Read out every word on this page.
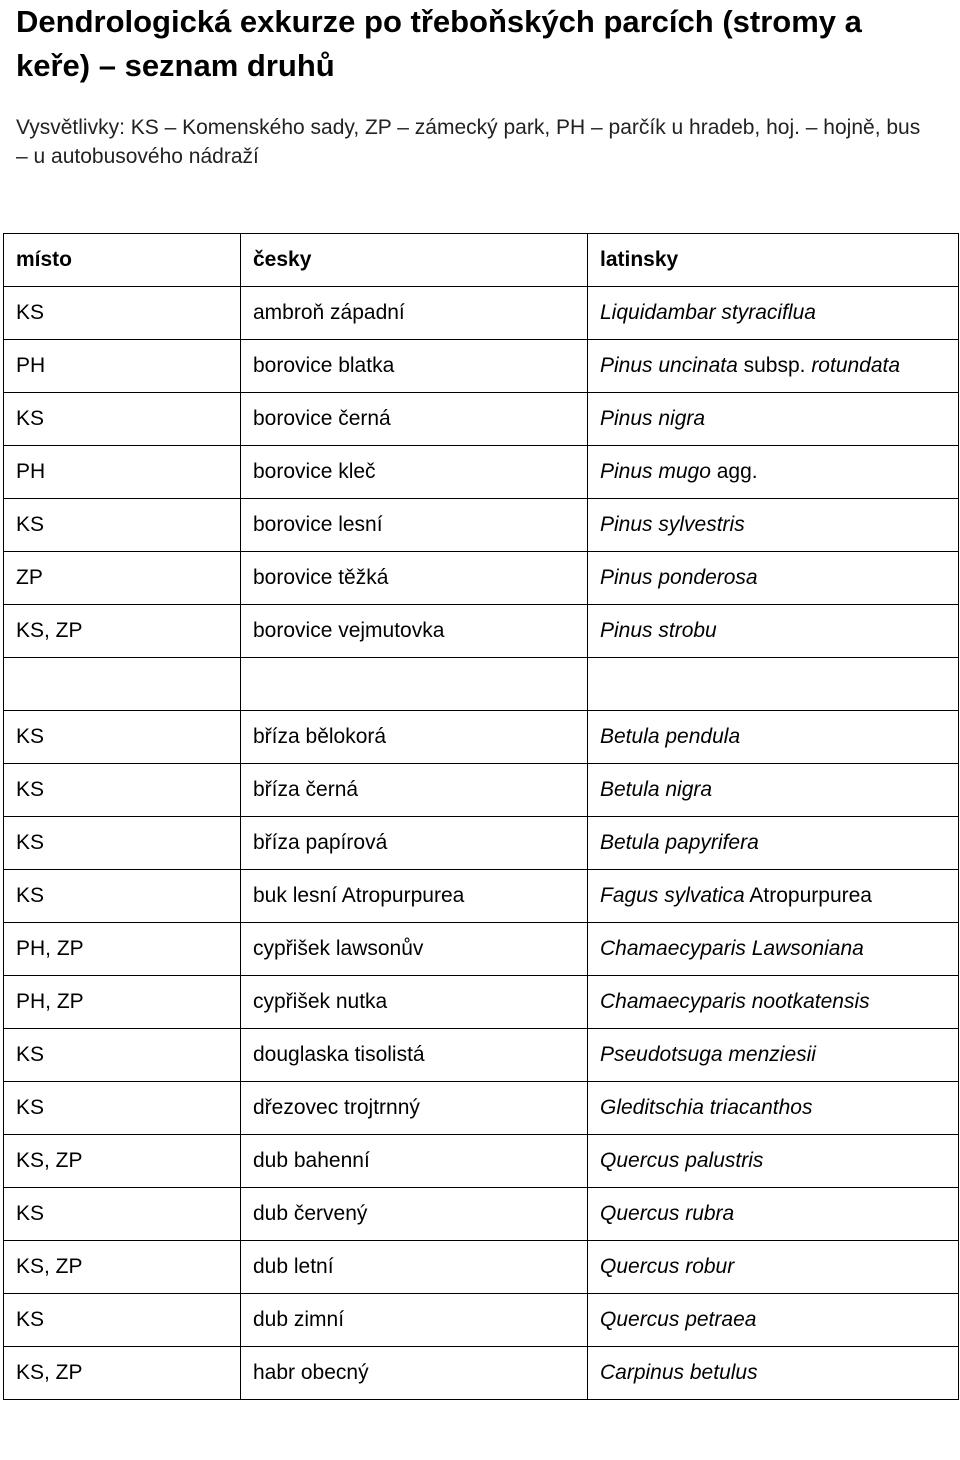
Dendrologická exkurze po třeboňských parcích (stromy a keře) – seznam druhů

Vysvětlivky: KS – Komenského sady, ZP – zámecký park, PH – parčík u hradeb, hoj. – hojně, bus – u autobusového nádraží

místo	česky	latinsky
KS	ambroň západní	Liquidambar styraciflua
PH	borovice blatka	Pinus uncinata subsp. rotundata
KS	borovice černá	Pinus nigra
PH	borovice kleč	Pinus mugo agg.
KS	borovice lesní	Pinus sylvestris
ZP	borovice těžká	Pinus ponderosa
KS, ZP	borovice vejmutovka	Pinus strobu

KS	bříza bělokorá	Betula pendula
KS	bříza černá	Betula nigra
KS	bříza papírová	Betula papyrifera
KS	buk lesní Atropurpurea	Fagus sylvatica Atropurpurea
PH, ZP	cypřišek lawsonův	Chamaecyparis Lawsoniana
PH, ZP	cypřišek nutka	Chamaecyparis nootkatensis
KS	douglaska tisolistá	Pseudotsuga menziesii
KS	dřezovec trojtrnný	Gleditschia triacanthos
KS, ZP	dub bahenní	Quercus palustris
KS	dub červený	Quercus rubra
KS, ZP	dub letní	Quercus robur
KS	dub zimní	Quercus petraea
KS, ZP	habr obecný	Carpinus betulus
